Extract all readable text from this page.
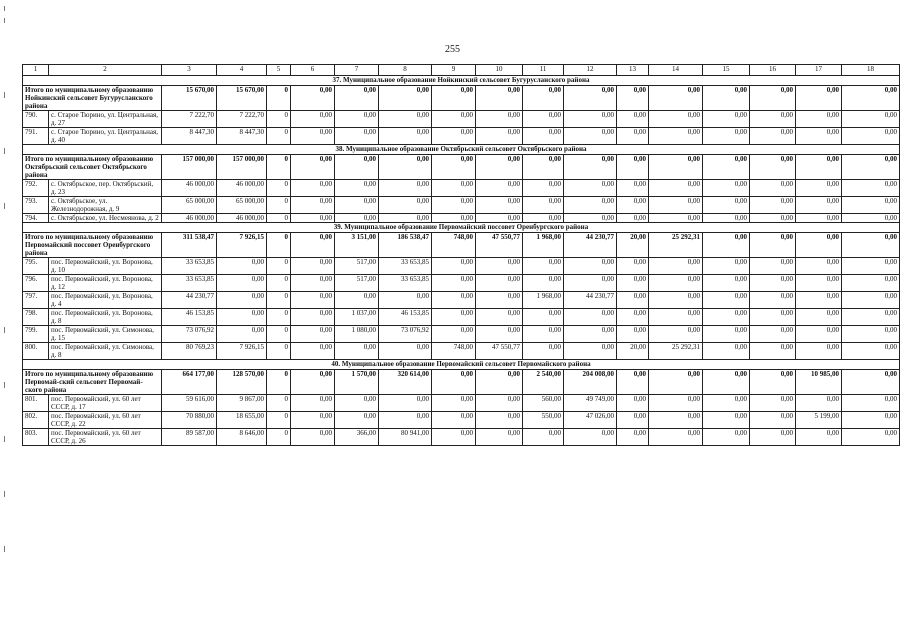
255
1	2	3	4	5	6	7	8	9	10	11	12	13	14	15	16	17	18
37. Муниципальное образование Нойкинский сельсовет Бугурусланского района																	
Итого по муниципальному образованию Нойкинский сельсовет Бугурусланского района		15 670,00	15 670,00	0	0,00	0,00	0,00	0,00	0,00	0,00	0,00	0,00	0,00	0,00	0,00	0,00	0,00
790.	с. Старое Тюрино, ул. Центральная, д. 27	7 222,70	7 222,70	0	0,00	0,00	0,00	0,00	0,00	0,00	0,00	0,00	0,00	0,00	0,00	0,00	0,00
791.	с. Старое Тюрино, ул. Центральная, д. 40	8 447,30	8 447,30	0	0,00	0,00	0,00	0,00	0,00	0,00	0,00	0,00	0,00	0,00	0,00	0,00	0,00
38. Муниципальное образование Октябрьский сельсовет Октябрьского района																	
Итого по муниципальному образованию Октябрьский сельсовет Октябрьского района		157 000,00	157 000,00	0	0,00	0,00	0,00	0,00	0,00	0,00	0,00	0,00	0,00	0,00	0,00	0,00	0,00
792.	с. Октябрьское, пер. Октябрьский, д. 23	46 000,00	46 000,00	0	0,00	0,00	0,00	0,00	0,00	0,00	0,00	0,00	0,00	0,00	0,00	0,00	0,00
793.	с. Октябрьское, ул. Железнодорожная, д. 9	65 000,00	65 000,00	0	0,00	0,00	0,00	0,00	0,00	0,00	0,00	0,00	0,00	0,00	0,00	0,00	0,00
794.	с. Октябрьское, ул. Несмеянова, д. 2	46 000,00	46 000,00	0	0,00	0,00	0,00	0,00	0,00	0,00	0,00	0,00	0,00	0,00	0,00	0,00	0,00
39. Муниципальное образование Первомайский поссовет Оренбургского района																	
Итого по муниципальному образованию Первомайский поссовет Оренбургского района		311 538,47	7 926,15	0	0,00	3 151,00	186 538,47	748,00	47 550,77	1 968,00	44 230,77	20,00	25 292,31	0,00	0,00	0,00	0,00
795.	пос. Первомайский, ул. Воронова, д. 10	33 653,85	0,00	0	0,00	517,00	33 653,85	0,00	0,00	0,00	0,00	0,00	0,00	0,00	0,00	0,00	0,00
796.	пос. Первомайский, ул. Воронова, д. 12	33 653,85	0,00	0	0,00	517,00	33 653,85	0,00	0,00	0,00	0,00	0,00	0,00	0,00	0,00	0,00	0,00
797.	пос. Первомайский, ул. Воронова, д. 4	44 230,77	0,00	0	0,00	0,00	0,00	0,00	0,00	1 968,00	44 230,77	0,00	0,00	0,00	0,00	0,00	0,00
798.	пос. Первомайский, ул. Воронова, д. 8	46 153,85	0,00	0	0,00	1 037,00	46 153,85	0,00	0,00	0,00	0,00	0,00	0,00	0,00	0,00	0,00	0,00
799.	пос. Первомайский, ул. Симонова, д. 15	73 076,92	0,00	0	0,00	1 080,00	73 076,92	0,00	0,00	0,00	0,00	0,00	0,00	0,00	0,00	0,00	0,00
800.	пос. Первомайский, ул. Симонова, д. 8	80 769,23	7 926,15	0	0,00	0,00	0,00	748,00	47 550,77	0,00	0,00	20,00	25 292,31	0,00	0,00	0,00	0,00
40. Муниципальное образование Первомайский сельсовет Первомайского района																	
Итого по муниципальному образованию Первомай-ский сельсовет Первомай-ского района		664 177,00	128 570,00	0	0,00	1 570,00	320 614,00	0,00	0,00	2 540,00	204 008,00	0,00	0,00	0,00	0,00	10 985,00	0,00
801.	пос. Первомайский, ул. 60 лет СССР, д. 17	59 616,00	9 867,00	0	0,00	0,00	0,00	0,00	0,00	560,00	49 749,00	0,00	0,00	0,00	0,00	0,00	0,00
802.	пос. Первомайский, ул. 60 лет СССР, д. 22	70 880,00	18 655,00	0	0,00	0,00	0,00	0,00	0,00	550,00	47 026,00	0,00	0,00	0,00	0,00	5 199,00	0,00
803.	пос. Первомайский, ул. 60 лет СССР, д. 26	89 587,00	8 646,00	0	0,00	366,00	80 941,00	0,00	0,00	0,00	0,00	0,00	0,00	0,00	0,00	0,00	0,00
